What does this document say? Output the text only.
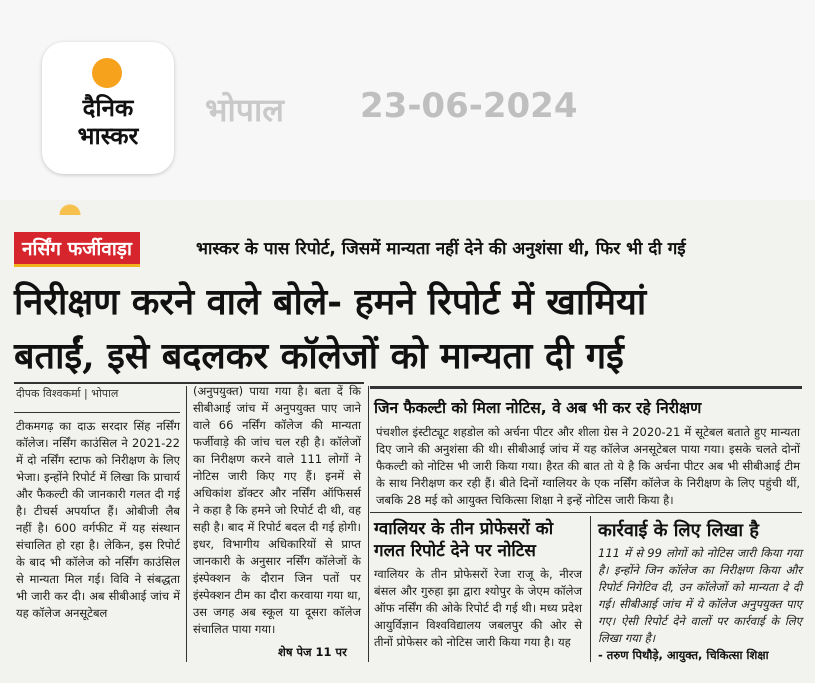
दैनिक
भास्कर
भोपाल 23-06-2024
नर्सिंग फर्जीवाड़ा	भास्कर के पास रिपोर्ट, जिसमें मान्यता नहीं देने की अनुशंसा थी, फिर भी दी गई
निरीक्षण करने वाले बोले- हमने रिपोर्ट में खामियां
बताईं, इसे बदलकर कॉलेजों को मान्यता दी गई
दीपक विश्वकर्मा | भोपाल

टीकमगढ़ का दाऊ सरदार सिंह नर्सिंग कॉलेज। नर्सिंग काउंसिल ने 2021-22 में दो नर्सिंग स्टाफ को निरीक्षण के लिए भेजा। इन्होंने रिपोर्ट में लिखा कि प्राचार्य और फैकल्टी की जानकारी गलत दी गई है। टीचर्स अपर्याप्त हैं। ओबीजी लैब नहीं है। 600 वर्गफीट में यह संस्थान संचालित हो रहा है। लेकिन, इस रिपोर्ट के बाद भी कॉलेज को नर्सिंग काउंसिल से मान्यता मिल गई। विवि ने संबद्धता भी जारी कर दी। अब सीबीआई जांच में यह कॉलेज अनसूटेबल

(अनुपयुक्त) पाया गया है। बता दें कि सीबीआई जांच में अनुपयुक्त पाए जाने वाले 66 नर्सिंग कॉलेज की मान्यता फर्जीवाड़े की जांच चल रही है। कॉलेजों का निरीक्षण करने वाले 111 लोगों ने नोटिस जारी किए गए हैं। इनमें से अधिकांश डॉक्टर और नर्सिंग ऑफिसर्स ने कहा है कि हमने जो रिपोर्ट दी थी, वह सही है। बाद में रिपोर्ट बदल दी गई होगी। इधर, विभागीय अधिकारियों से प्राप्त जानकारी के अनुसार नर्सिंग कॉलेजों के इंस्पेक्शन के दौरान जिन पतों पर इंस्पेक्शन टीम का दौरा करवाया गया था, उस जगह अब स्कूल या दूसरा कॉलेज संचालित पाया गया।

शेष पेज 11 पर
जिन फैकल्टी को मिला नोटिस, वे अब भी कर रहे निरीक्षण

पंचशील इंस्टीट्यूट शहडोल को अर्चना पीटर और शीला ग्रेस ने 2020-21 में सूटेबल बताते हुए मान्यता दिए जाने की अनुशंसा की थी। सीबीआई जांच में यह कॉलेज अनसूटेबल पाया गया। इसके चलते दोनों फैकल्टी को नोटिस भी जारी किया गया। हैरत की बात तो ये है कि अर्चना पीटर अब भी सीबीआई टीम के साथ निरीक्षण कर रही हैं। बीते दिनों ग्वालियर के एक नर्सिंग कॉलेज के निरीक्षण के लिए पहुंची थीं, जबकि 28 मई को आयुक्त चिकित्सा शिक्षा ने इन्हें नोटिस जारी किया है।

ग्वालियर के तीन प्रोफेसरों को गलत रिपोर्ट देने पर नोटिस

ग्वालियर के तीन प्रोफेसरों रेजा राजू के, नीरज बंसल और गुरुहा झा द्वारा श्योपुर के जेएम कॉलेज ऑफ नर्सिंग की ओके रिपोर्ट दी गई थी। मध्य प्रदेश आयुर्विज्ञान विश्वविद्यालय जबलपुर की ओर से तीनों प्रोफेसर को नोटिस जारी किया गया है। यह

कार्रवाई के लिए लिखा है

111 में से 99 लोगों को नोटिस जारी किया गया है। इन्होंने जिन कॉलेज का निरीक्षण किया और रिपोर्ट निगेटिव दी, उन कॉलेजों को मान्यता दे दी गई। सीबीआई जांच में ये कॉलेज अनुपयुक्त पाए गए। ऐसी रिपोर्ट देने वालों पर कार्रवाई के लिए लिखा गया है।

- तरुण पिथौड़े, आयुक्त, चिकित्सा शिक्षा
